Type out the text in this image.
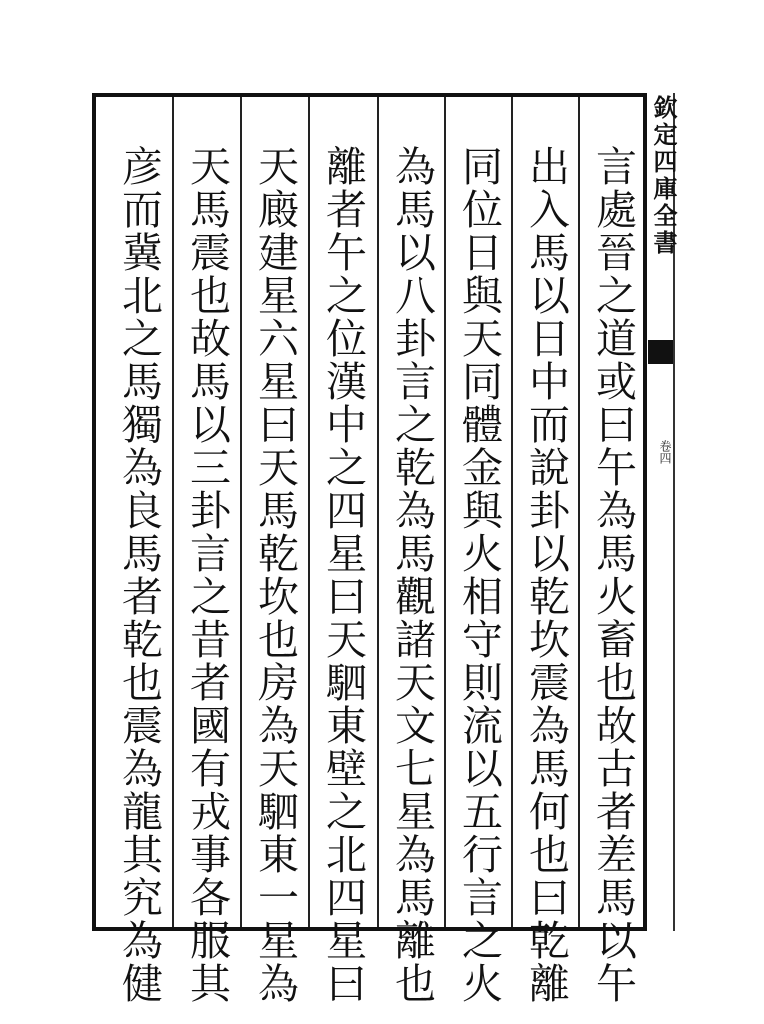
言處晉之道或曰午為馬火畜也故古者差馬以午
出入馬以日中而說卦以乾坎震為馬何也曰乾離
同位日與天同體金與火相守則流以五行言之火
為馬以八卦言之乾為馬觀諸天文七星為馬離也
離者午之位漢中之四星曰天駟東壁之北四星曰
天廄建星六星曰天馬乾坎也房為天駟東一星為
天馬震也故馬以三卦言之昔者國有戎事各服其
彦而冀北之馬獨為良馬者乾也震為龍其究為健	欽定四庫全書
卷四
